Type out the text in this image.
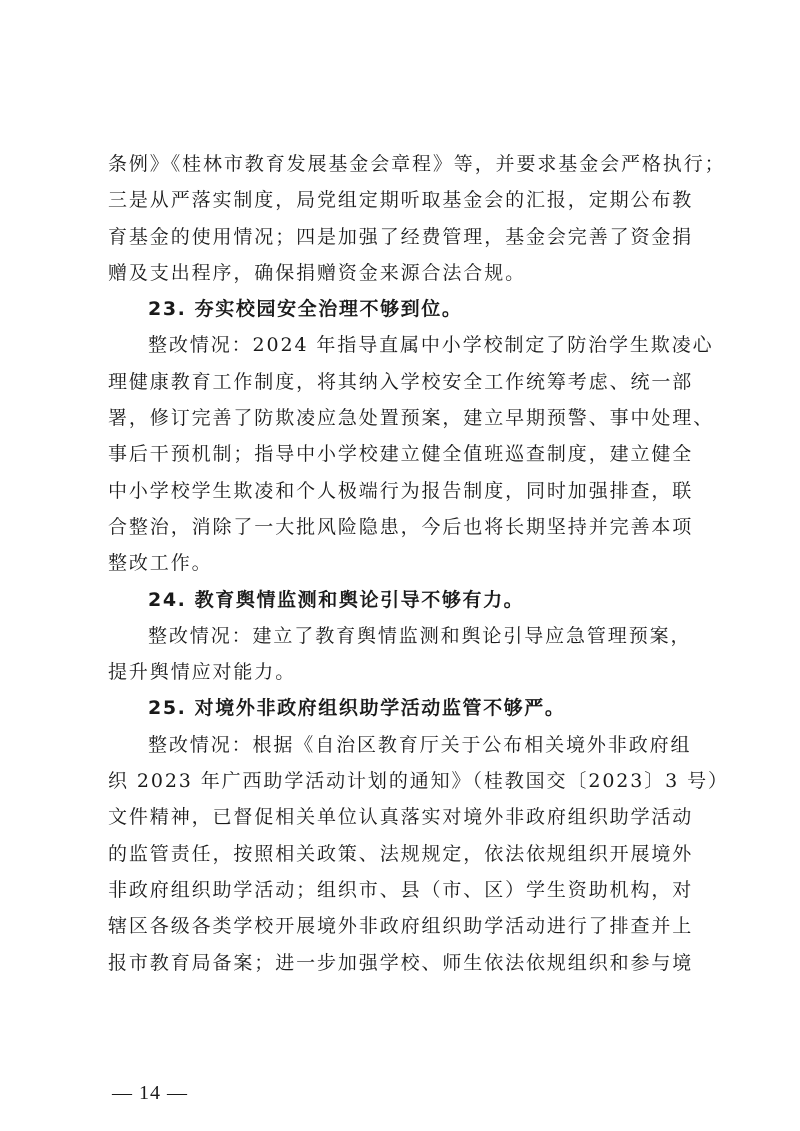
条例》《桂林市教育发展基金会章程》等，并要求基金会严格执行；
三是从严落实制度，局党组定期听取基金会的汇报，定期公布教
育基金的使用情况；四是加强了经费管理，基金会完善了资金捐
赠及支出程序，确保捐赠资金来源合法合规。
23. 夯实校园安全治理不够到位。
整改情况：2024 年指导直属中小学校制定了防治学生欺凌心
理健康教育工作制度，将其纳入学校安全工作统筹考虑、统一部
署，修订完善了防欺凌应急处置预案，建立早期预警、事中处理、
事后干预机制；指导中小学校建立健全值班巡查制度，建立健全
中小学校学生欺凌和个人极端行为报告制度，同时加强排查，联
合整治，消除了一大批风险隐患，今后也将长期坚持并完善本项
整改工作。
24. 教育舆情监测和舆论引导不够有力。
整改情况：建立了教育舆情监测和舆论引导应急管理预案，
提升舆情应对能力。
25. 对境外非政府组织助学活动监管不够严。
整改情况：根据《自治区教育厅关于公布相关境外非政府组
织 2023 年广西助学活动计划的通知》（桂教国交〔2023〕3 号）
文件精神，已督促相关单位认真落实对境外非政府组织助学活动
的监管责任，按照相关政策、法规规定，依法依规组织开展境外
非政府组织助学活动；组织市、县（市、区）学生资助机构，对
辖区各级各类学校开展境外非政府组织助学活动进行了排查并上
报市教育局备案；进一步加强学校、师生依法依规组织和参与境
— 14 —
